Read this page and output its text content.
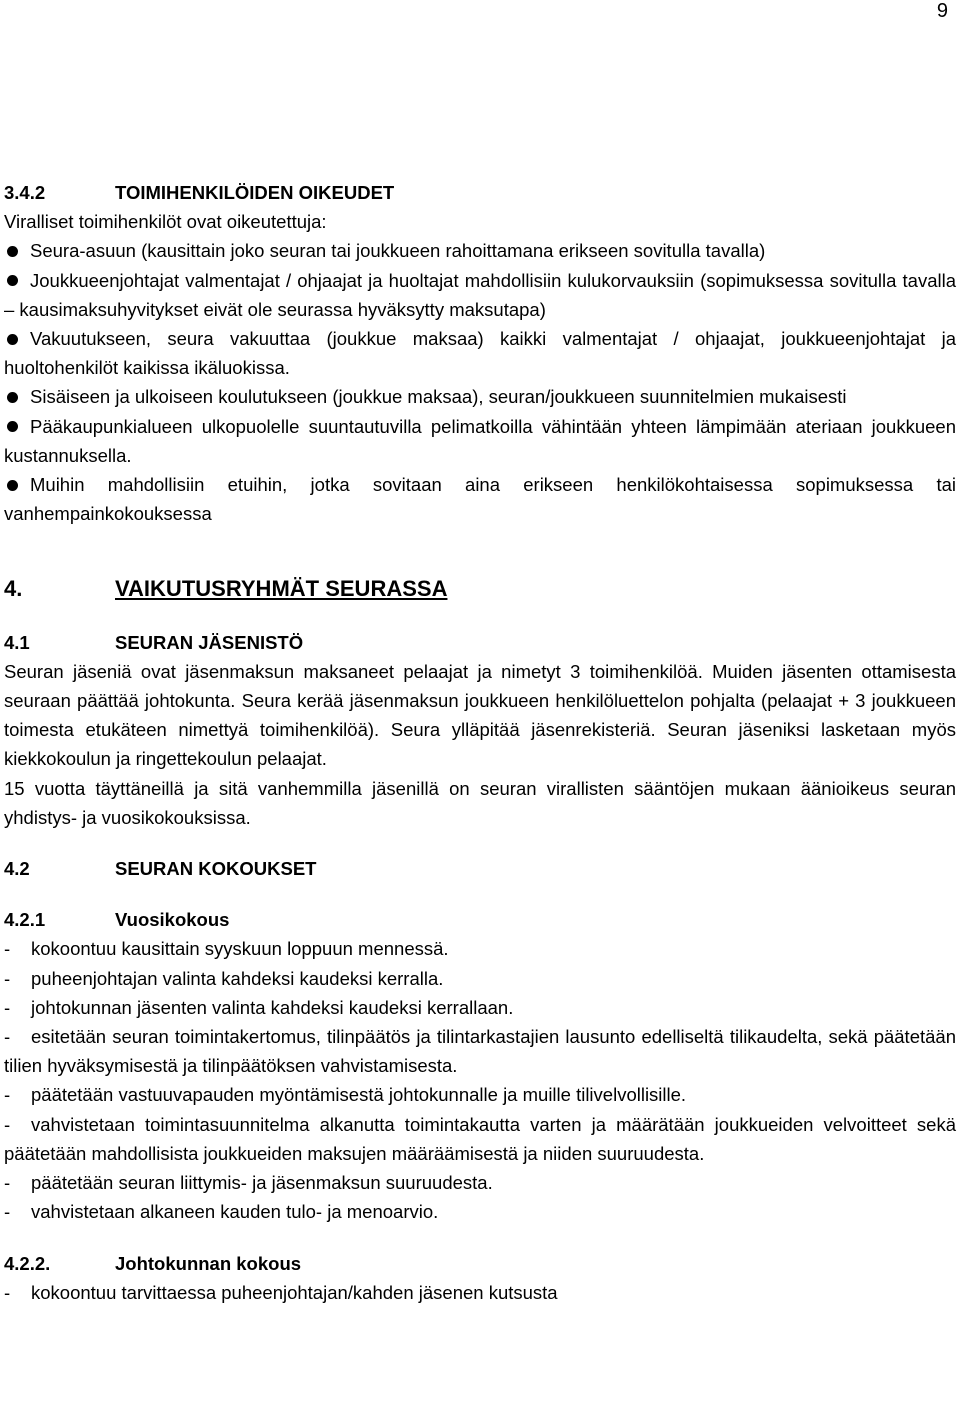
9
3.4.2	TOIMIHENKILÖIDEN OIKEUDET
Viralliset toimihenkilöt ovat oikeutettuja:
Seura-asuun (kausittain joko seuran tai joukkueen rahoittamana erikseen sovitulla tavalla)
Joukkueenjohtajat valmentajat / ohjaajat ja huoltajat mahdollisiin kulukorvauksiin (sopimuksessa sovitulla tavalla – kausimaksuhyvitykset eivät ole seurassa hyväksytty maksutapa)
Vakuutukseen, seura vakuuttaa (joukkue maksaa) kaikki valmentajat / ohjaajat, joukkueenjohtajat ja huoltohenkilöt kaikissa ikäluokissa.
Sisäiseen ja ulkoiseen koulutukseen (joukkue maksaa), seuran/joukkueen suunnitelmien mukaisesti
Pääkaupunkialueen ulkopuolelle suuntautuvilla pelimatkoilla vähintään yhteen lämpimään ateriaan joukkueen kustannuksella.
Muihin mahdollisiin etuihin, jotka sovitaan aina erikseen henkilökohtaisessa sopimuksessa tai vanhempainkokouksessa
4.	VAIKUTUSRYHMÄT SEURASSA
4.1	SEURAN JÄSENISTÖ
Seuran jäseniä ovat jäsenmaksun maksaneet pelaajat ja nimetyt 3 toimihenkilöä. Muiden jäsenten ottamisesta seuraan päättää johtokunta. Seura kerää jäsenmaksun joukkueen henkilöluettelon pohjalta (pelaajat + 3 joukkueen toimesta etukäteen nimettyä toimihenkilöä). Seura ylläpitää jäsenrekisteriä. Seuran jäseniksi lasketaan myös kiekkokoulun ja ringettekoulun pelaajat.
15 vuotta täyttäneillä ja sitä vanhemmilla jäsenillä on seuran virallisten sääntöjen mukaan äänioikeus seuran yhdistys- ja vuosikokouksissa.
4.2	SEURAN KOKOUKSET
4.2.1	Vuosikokous
- kokoontuu kausittain syyskuun loppuun mennessä.
- puheenjohtajan valinta kahdeksi kaudeksi kerralla.
- johtokunnan jäsenten valinta kahdeksi kaudeksi kerrallaan.
- esitetään seuran toimintakertomus, tilinpäätös ja tilintarkastajien lausunto edelliseltä tilikaudelta, sekä päätetään tilien hyväksymisestä ja tilinpäätöksen vahvistamisesta.
- päätetään vastuuvapauden myöntämisestä johtokunnalle ja muille tilivelvollisille.
- vahvistetaan toimintasuunnitelma alkanutta toimintakautta varten ja määrätään joukkueiden velvoitteet sekä päätetään mahdollisista joukkueiden maksujen määräämisestä ja niiden suuruudesta.
- päätetään seuran liittymis- ja jäsenmaksun suuruudesta.
- vahvistetaan alkaneen kauden tulo- ja menoarvio.
4.2.2.	Johtokunnan kokous
- kokoontuu tarvittaessa puheenjohtajan/kahden jäsenen kutsusta
